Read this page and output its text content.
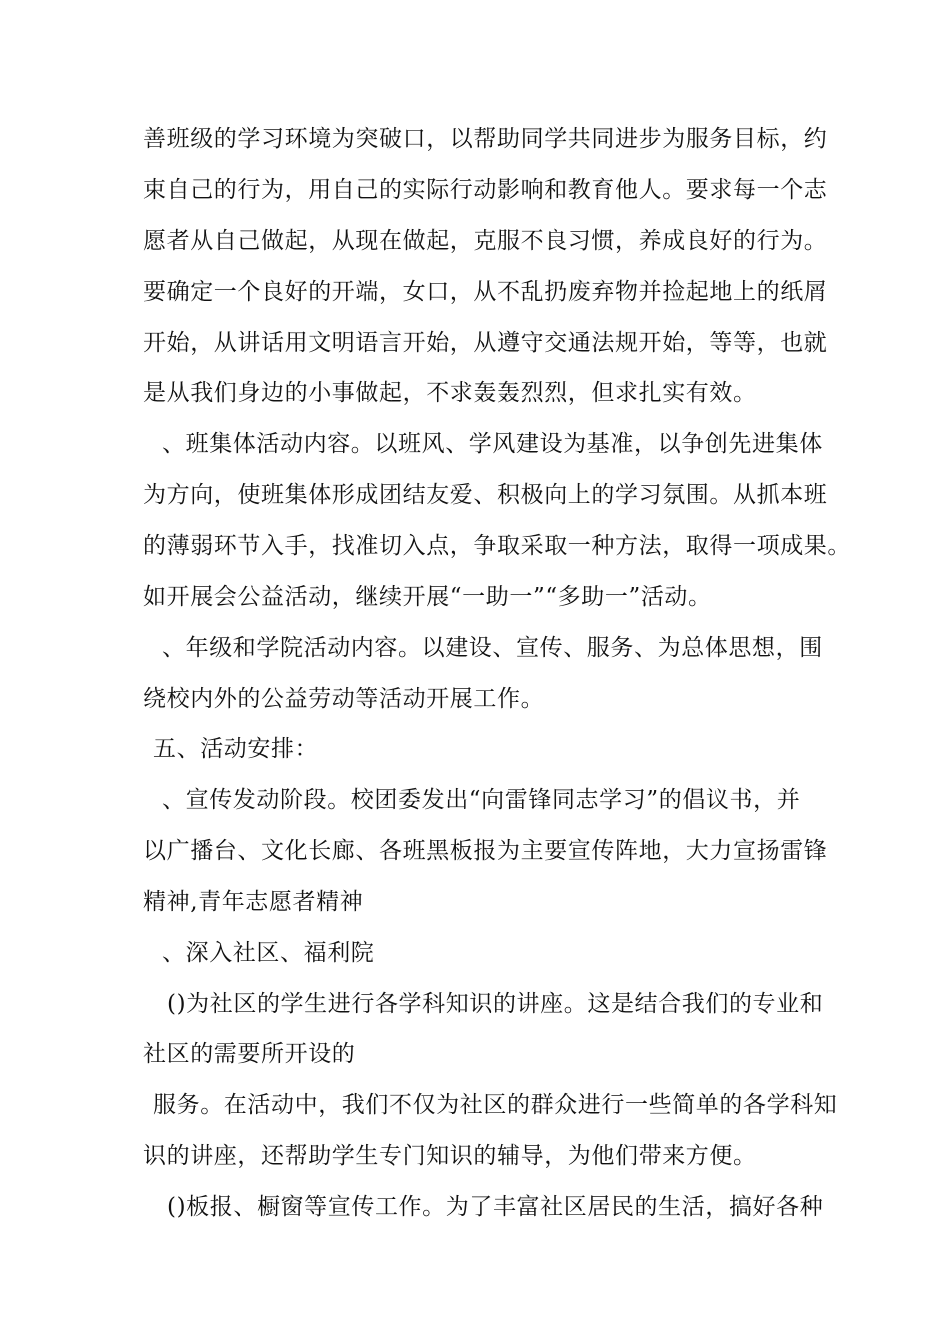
善班级的学习环境为突破口，以帮助同学共同进步为服务目标，约
束自己的行为，用自己的实际行动影响和教育他人。要求每一个志
愿者从自己做起，从现在做起，克服不良习惯，养成良好的行为。
要确定一个良好的开端，女口，从不乱扔废弃物并捡起地上的纸屑
开始，从讲话用文明语言开始，从遵守交通法规开始，等等，也就
是从我们身边的小事做起，不求轰轰烈烈，但求扎实有效。
、班集体活动内容。以班风、学风建设为基准，以争创先进集体
为方向，使班集体形成团结友爱、积极向上的学习氛围。从抓本班
的薄弱环节入手，找准切入点，争取采取一种方法，取得一项成果。
如开展会公益活动，继续开展“一助一”“多助一”活动。
、年级和学院活动内容。以建设、宣传、服务、为总体思想，围
绕校内外的公益劳动等活动开展工作。
五、活动安排：
、宣传发动阶段。校团委发出“向雷锋同志学习”的倡议书，并
以广播台、文化长廊、各班黑板报为主要宣传阵地，大力宣扬雷锋
精神,青年志愿者精神
、深入社区、福利院
()为社区的学生进行各学科知识的讲座。这是结合我们的专业和
社区的需要所开设的
服务。在活动中，我们不仅为社区的群众进行一些简单的各学科知
识的讲座，还帮助学生专门知识的辅导，为他们带来方便。
()板报、橱窗等宣传工作。为了丰富社区居民的生活，搞好各种
